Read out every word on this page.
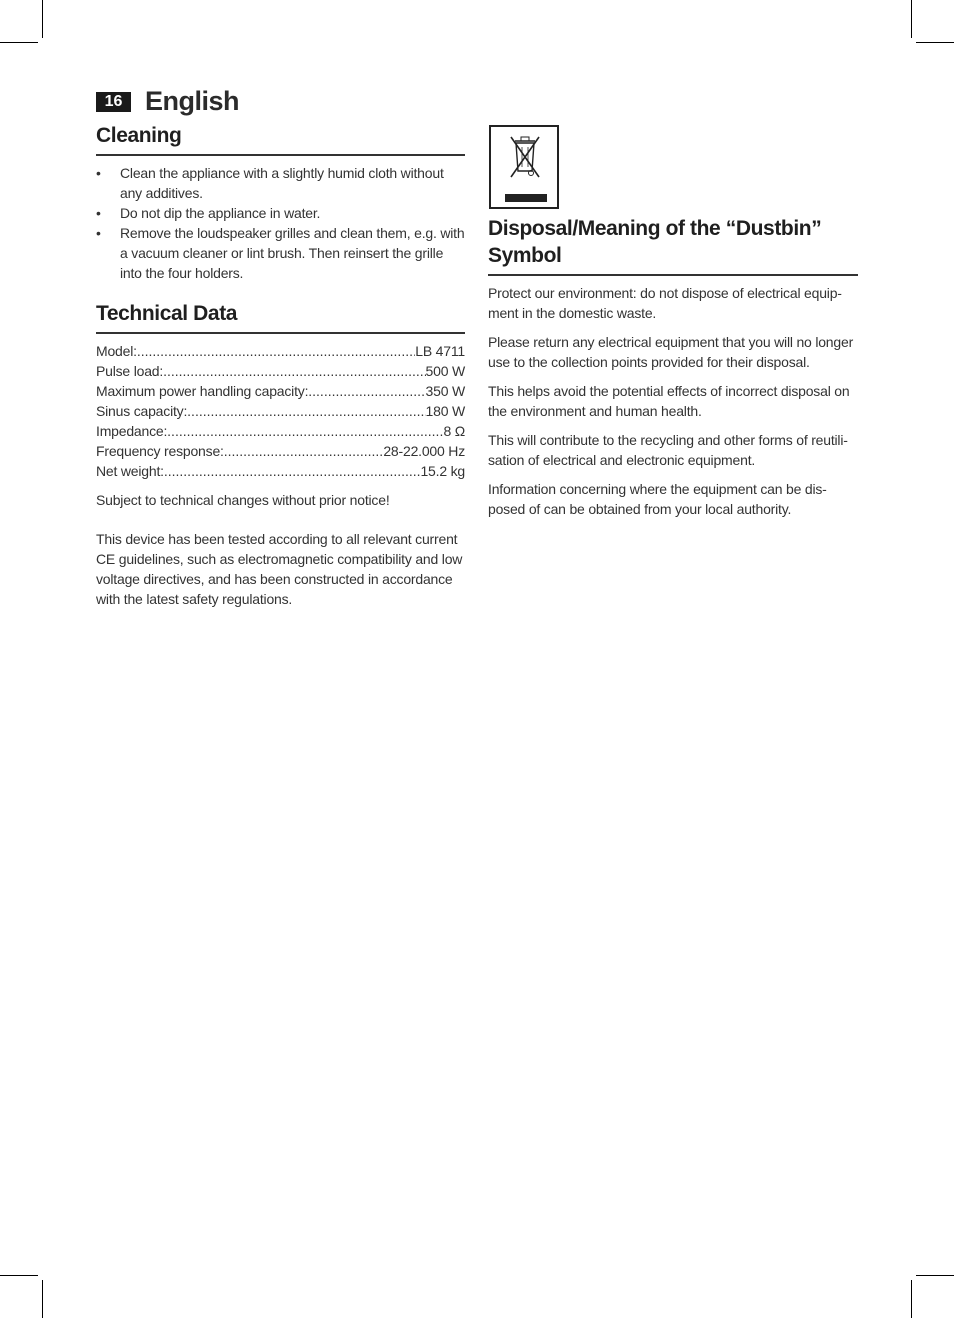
16 English
Cleaning
• Clean the appliance with a slightly humid cloth without any additives.
• Do not dip the appliance in water.
• Remove the loudspeaker grilles and clean them, e.g. with a vacuum cleaner or lint brush. Then reinsert the grille into the four holders.
Technical Data
Model: .....	LB 4711
Pulse load: .....	500 W
Maximum power handling capacity: .....	350 W
Sinus capacity: .....	180 W
Impedance: .....	8 Ω
Frequency response: .....	28-22.000 Hz
Net weight: .....	15.2 kg

Subject to technical changes without prior notice!

This device has been tested according to all relevant current CE guidelines, such as electromagnetic compatibility and low voltage directives, and has been constructed in accordance with the latest safety regulations.

Disposal/Meaning of the “Dustbin” Symbol

Protect our environment: do not dispose of electrical equip-ment in the domestic waste.

Please return any electrical equipment that you will no longer use to the collection points provided for their disposal.

This helps avoid the potential effects of incorrect disposal on the environment and human health.

This will contribute to the recycling and other forms of reutili-sation of electrical and electronic equipment.

Information concerning where the equipment can be dis-posed of can be obtained from your local authority.
